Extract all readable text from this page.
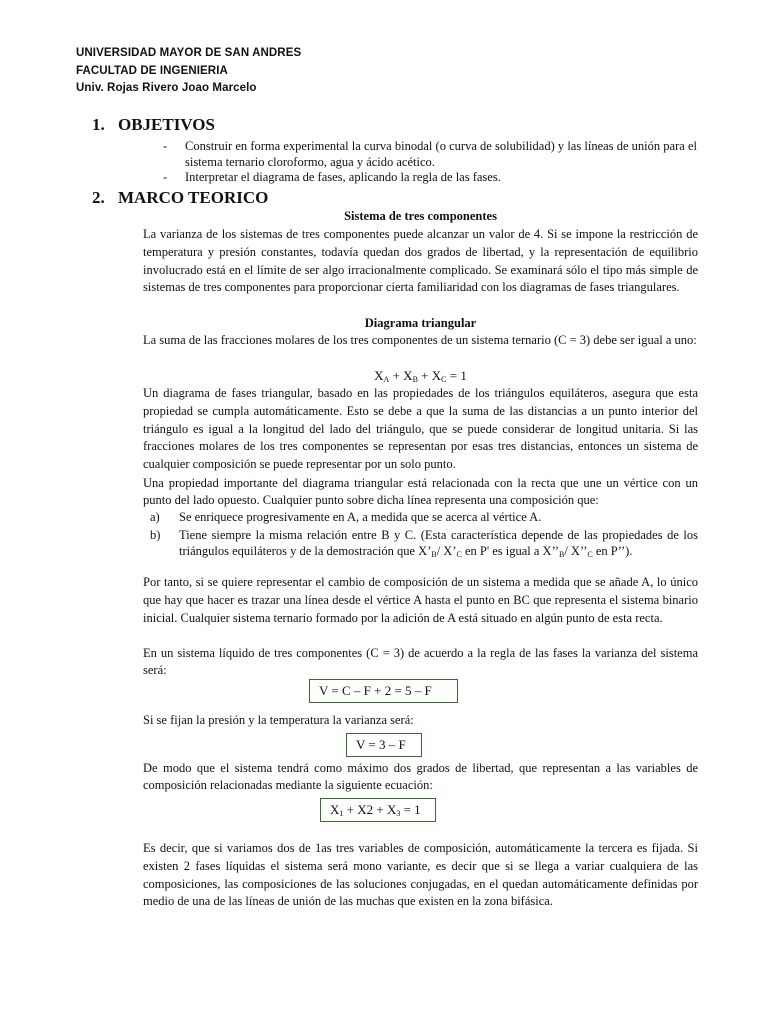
UNIVERSIDAD MAYOR DE SAN ANDRES
FACULTAD DE INGENIERIA
Univ. Rojas Rivero Joao Marcelo
1. OBJETIVOS
- Construir en forma experimental la curva binodal (o curva de solubilidad) y las líneas de unión para el sistema ternario cloroformo, agua y ácido acético.
- Interpretar el diagrama de fases, aplicando la regla de las fases.
2. MARCO TEORICO
Sistema de tres componentes

La varianza de los sistemas de tres componentes puede alcanzar un valor de 4. Si se impone la restricción de temperatura y presión constantes, todavía quedan dos grados de libertad, y la representación de equilibrio involucrado está en el límite de ser algo irracionalmente complicado. Se examinará sólo el tipo más simple de sistemas de tres componentes para proporcionar cierta familiaridad con los diagramas de fases triangulares.

Diagrama triangular

La suma de las fracciones molares de los tres componentes de un sistema ternario (C = 3) debe ser igual a uno:

$X_A + X_B + X_C = 1$

Un diagrama de fases triangular, basado en las propiedades de los triángulos equiláteros, asegura que esta propiedad se cumpla automáticamente. Esto se debe a que la suma de las distancias a un punto interior del triángulo es igual a la longitud del lado del triángulo, que se puede considerar de longitud unitaria. Si las fracciones molares de los tres componentes se representan por esas tres distancias, entonces un sistema de cualquier composición se puede representar por un solo punto.

Una propiedad importante del diagrama triangular está relacionada con la recta que une un vértice con un punto del lado opuesto. Cualquier punto sobre dicha línea representa una composición que:

a) Se enriquece progresivamente en A, a medida que se acerca al vértice A.
b) Tiene siempre la misma relación entre B y C. (Esta característica depende de las propiedades de los triángulos equiláteros y de la demostración que $X’_B/$ $X’_C$ en P' es igual a $X’’_B/$ $X’’_C$ en P’’).

Por tanto, si se quiere representar el cambio de composición de un sistema a medida que se añade A, lo único que hay que hacer es trazar una línea desde el vértice A hasta el punto en BC que representa el sistema binario inicial. Cualquier sistema ternario formado por la adición de A está situado en algún punto de esta recta.

En un sistema líquido de tres componentes (C = 3) de acuerdo a la regla de las fases la varianza del sistema será:

V = C – F + 2 = 5 – F

Si se fijan la presión y la temperatura la varianza será:

V = 3 – F

De modo que el sistema tendrá como máximo dos grados de libertad, que representan a las variables de composición relacionadas mediante la siguiente ecuación:

$X_1 + X2 + X_3 = 1$

Es decir, que si variamos dos de 1as tres variables de composición, automáticamente la tercera es fijada. Si existen 2 fases líquidas el sistema será mono variante, es decir que si se llega a variar cualquiera de las composiciones, las composiciones de las soluciones conjugadas, en el quedan automáticamente definidas por medio de una de las líneas de unión de las muchas que existen en la zona bifásica.
